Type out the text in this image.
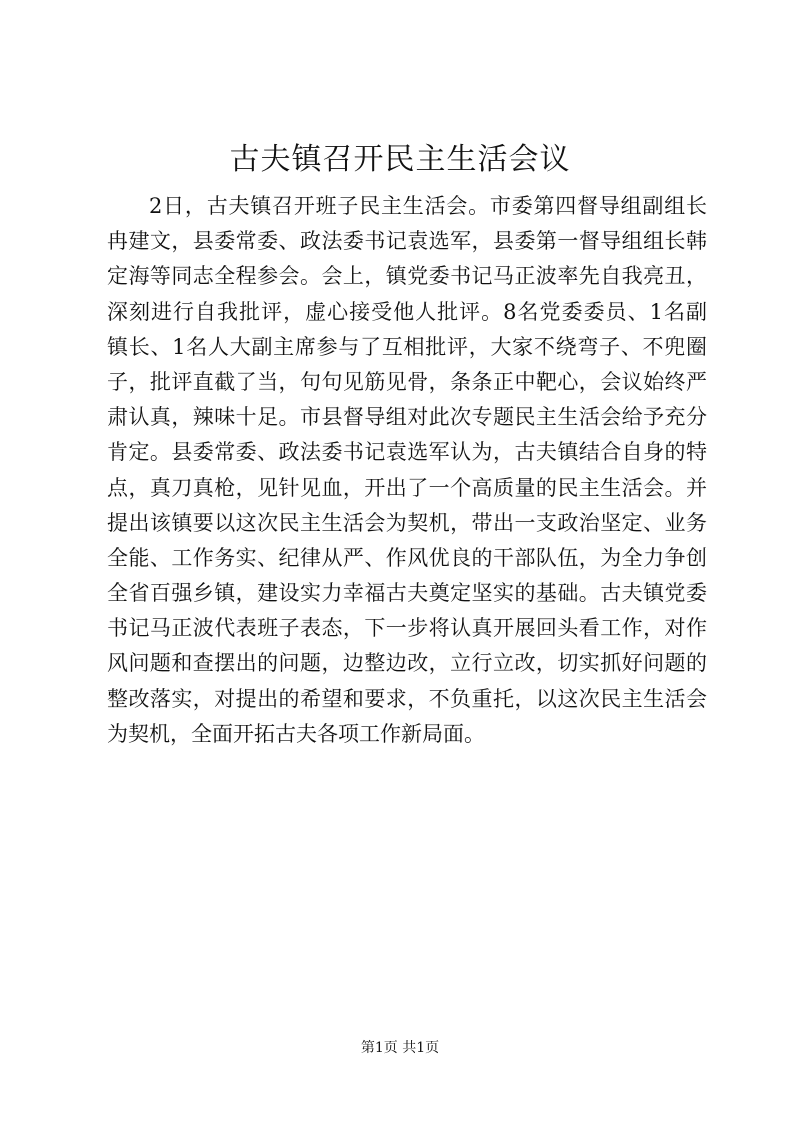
古夫镇召开民主生活会议
2日，古夫镇召开班子民主生活会。市委第四督导组副组长
冉建文，县委常委、政法委书记袁选军，县委第一督导组组长韩
定海等同志全程参会。会上，镇党委书记马正波率先自我亮丑，
深刻进行自我批评，虚心接受他人批评。8名党委委员、1名副
镇长、1名人大副主席参与了互相批评，大家不绕弯子、不兜圈
子，批评直截了当，句句见筋见骨，条条正中靶心，会议始终严
肃认真，辣味十足。市县督导组对此次专题民主生活会给予充分
肯定。县委常委、政法委书记袁选军认为，古夫镇结合自身的特
点，真刀真枪，见针见血，开出了一个高质量的民主生活会。并
提出该镇要以这次民主生活会为契机，带出一支政治坚定、业务
全能、工作务实、纪律从严、作风优良的干部队伍，为全力争创
全省百强乡镇，建设实力幸福古夫奠定坚实的基础。古夫镇党委
书记马正波代表班子表态，下一步将认真开展回头看工作，对作
风问题和查摆出的问题，边整边改，立行立改，切实抓好问题的
整改落实，对提出的希望和要求，不负重托，以这次民主生活会
为契机，全面开拓古夫各项工作新局面。
第1页 共1页
